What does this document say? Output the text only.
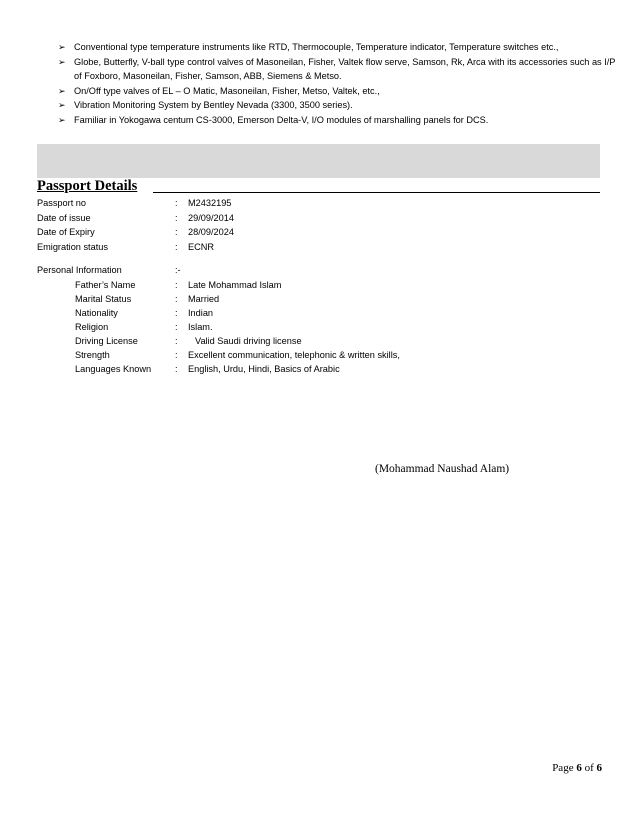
➢ Conventional type temperature instruments like RTD, Thermocouple, Temperature indicator, Temperature switches etc.,
➢ Globe, Butterfly, V-ball type control valves of Masoneilan, Fisher, Valtek flow serve, Samson, Rk, Arca with its accessories such as I/P of Foxboro, Masoneilan, Fisher, Samson, ABB, Siemens & Metso.
➢ On/Off type valves of EL – O Matic, Masoneilan, Fisher, Metso, Valtek, etc.,
➢ Vibration Monitoring System by Bentley Nevada (3300, 3500 series).
➢ Familiar in Yokogawa centum CS-3000, Emerson Delta-V, I/O modules of marshalling panels for DCS.
Passport Details
Passport no	: M2432195
Date of issue	: 29/09/2014
Date of Expiry	: 28/09/2024
Emigration status	: ECNR
Personal Information	:-
Father’s Name	: Late Mohammad Islam
Marital Status	: Married
Nationality	: Indian
Religion	: Islam.
Driving License	: Valid Saudi driving license
Strength	: Excellent communication, telephonic & written skills,
Languages Known	: English, Urdu, Hindi, Basics of Arabic
(Mohammad Naushad Alam)
Page 6 of 6
